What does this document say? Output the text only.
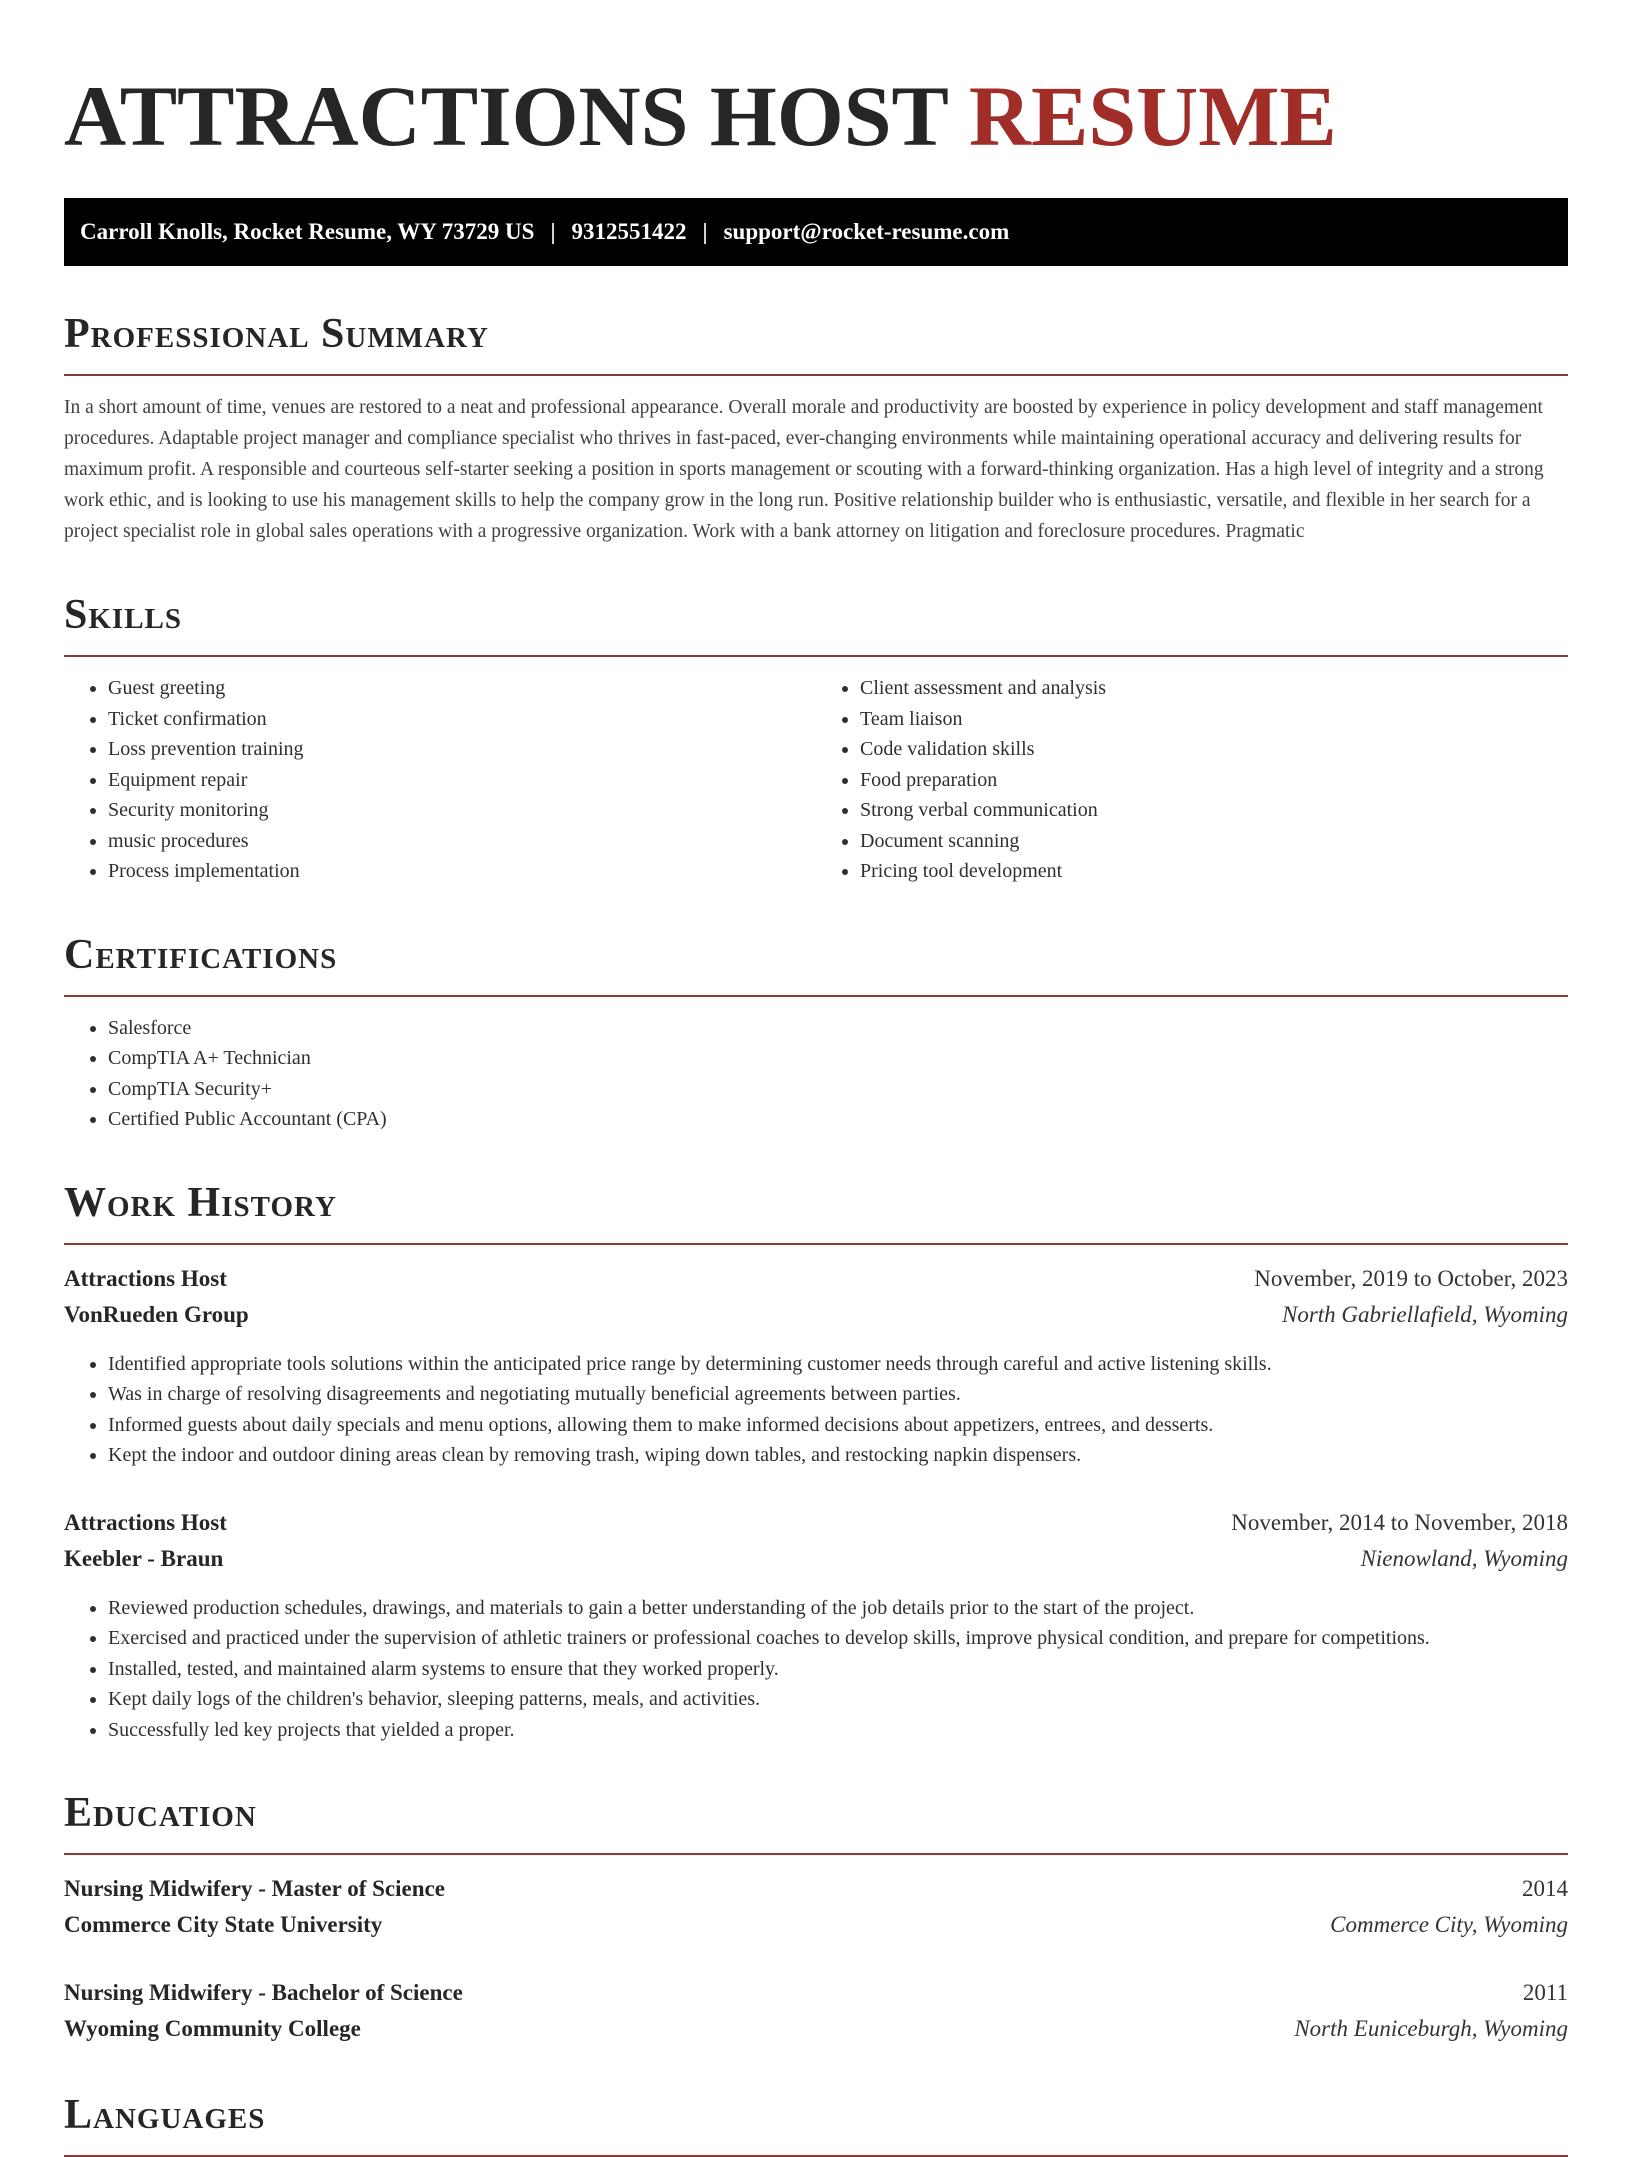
ATTRACTIONS HOST RESUME
Carroll Knolls, Rocket Resume, WY 73729 US | 9312551422 | support@rocket-resume.com
Professional Summary

In a short amount of time, venues are restored to a neat and professional appearance. Overall morale and productivity are boosted by experience in policy development and staff management procedures. Adaptable project manager and compliance specialist who thrives in fast-paced, ever-changing environments while maintaining operational accuracy and delivering results for maximum profit. A responsible and courteous self-starter seeking a position in sports management or scouting with a forward-thinking organization. Has a high level of integrity and a strong work ethic, and is looking to use his management skills to help the company grow in the long run. Positive relationship builder who is enthusiastic, versatile, and flexible in her search for a project specialist role in global sales operations with a progressive organization. Work with a bank attorney on litigation and foreclosure procedures. Pragmatic

Skills
• Guest greeting
• Ticket confirmation
• Loss prevention training
• Equipment repair
• Security monitoring
• music procedures
• Process implementation
• Client assessment and analysis
• Team liaison
• Code validation skills
• Food preparation
• Strong verbal communication
• Document scanning
• Pricing tool development
Certifications
• Salesforce
• CompTIA A+ Technician
• CompTIA Security+
• Certified Public Accountant (CPA)
Work History
Attractions Host	November, 2019 to October, 2023
VonRueden Group	North Gabriellafield, Wyoming
• Identified appropriate tools solutions within the anticipated price range by determining customer needs through careful and active listening skills.
• Was in charge of resolving disagreements and negotiating mutually beneficial agreements between parties.
• Informed guests about daily specials and menu options, allowing them to make informed decisions about appetizers, entrees, and desserts.
• Kept the indoor and outdoor dining areas clean by removing trash, wiping down tables, and restocking napkin dispensers.
Attractions Host	November, 2014 to November, 2018
Keebler - Braun	Nienowland, Wyoming
• Reviewed production schedules, drawings, and materials to gain a better understanding of the job details prior to the start of the project.
• Exercised and practiced under the supervision of athletic trainers or professional coaches to develop skills, improve physical condition, and prepare for competitions.
• Installed, tested, and maintained alarm systems to ensure that they worked properly.
• Kept daily logs of the children's behavior, sleeping patterns, meals, and activities.
• Successfully led key projects that yielded a proper.
Education
Nursing Midwifery - Master of Science	2014
Commerce City State University	Commerce City, Wyoming
Nursing Midwifery - Bachelor of Science	2011
Wyoming Community College	North Euniceburgh, Wyoming
Languages
